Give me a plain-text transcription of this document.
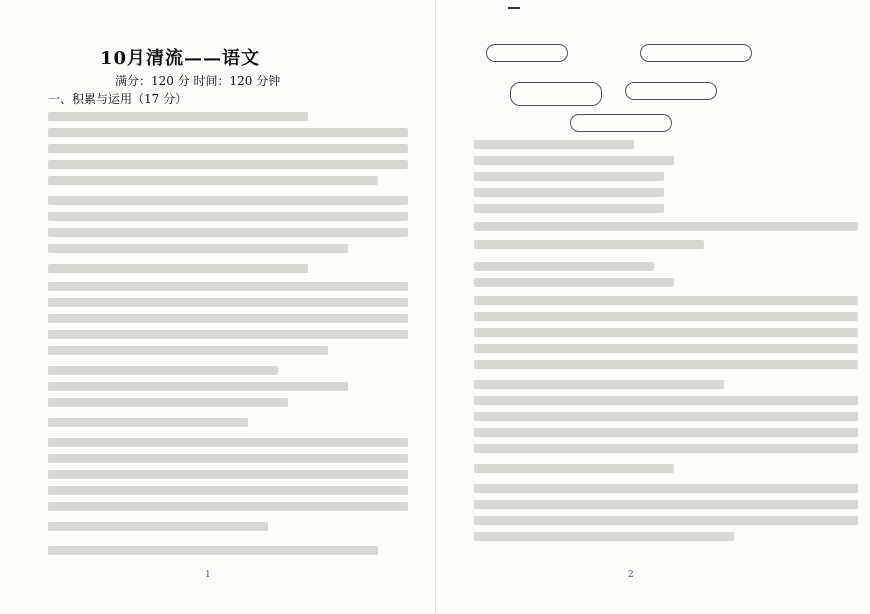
10月清流——语文
满分：120 分 时间：120 分钟
一、积累与运用（17 分）
1	2
